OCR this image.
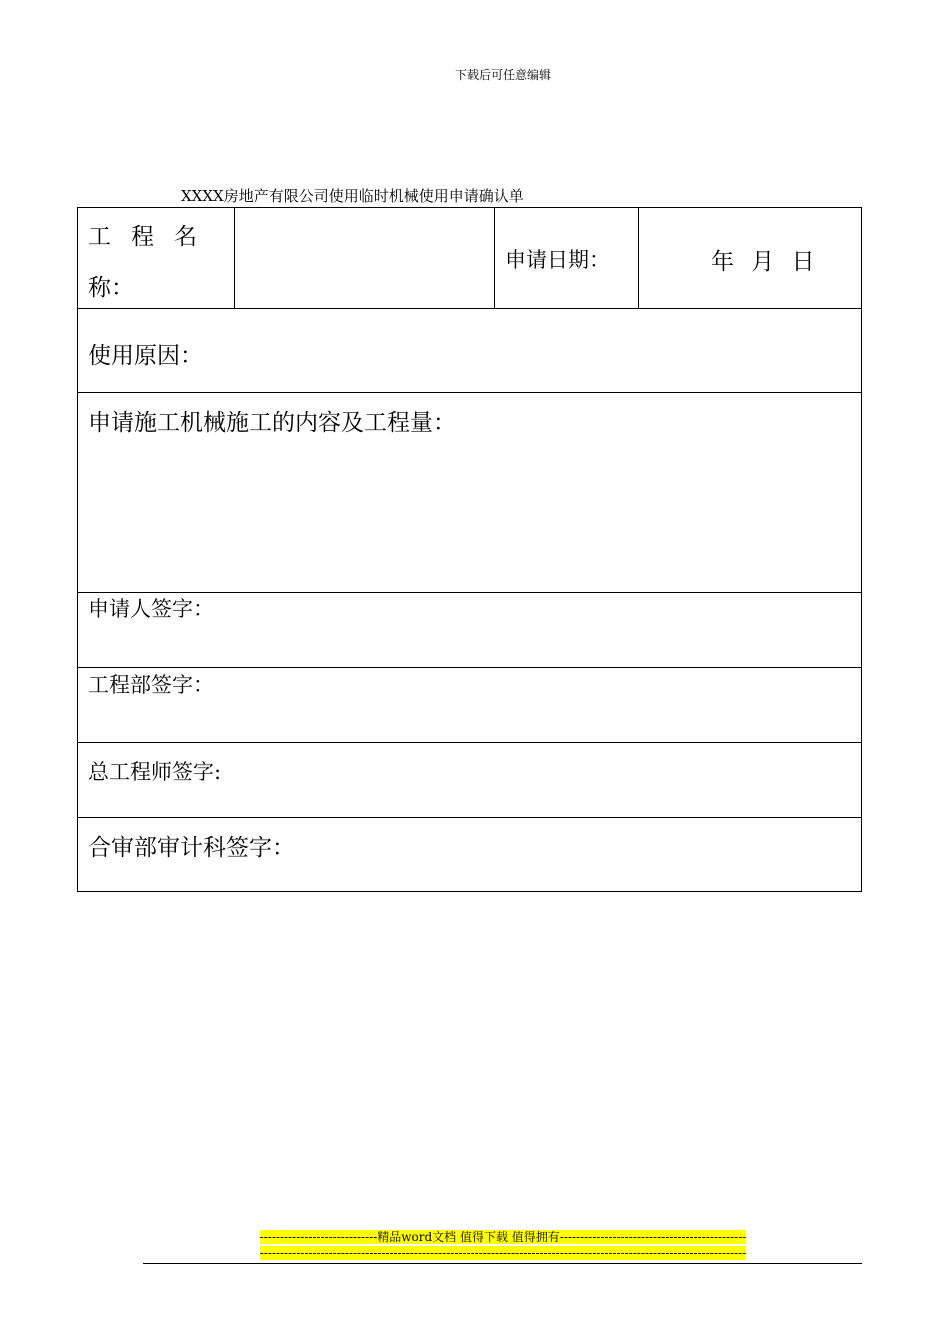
下载后可任意编辑
XXXX房地产有限公司使用临时机械使用申请确认单
工程名
称：
申请日期：	年 月 日
使用原因：
申请施工机械施工的内容及工程量：
申请人签字：
工程部签字：
总工程师签字:
合审部审计科签字：
-----------------------------精品word文档 值得下载 值得拥有----------------------------------------------
------------------------------------------------------------------------------------------------------------------------
